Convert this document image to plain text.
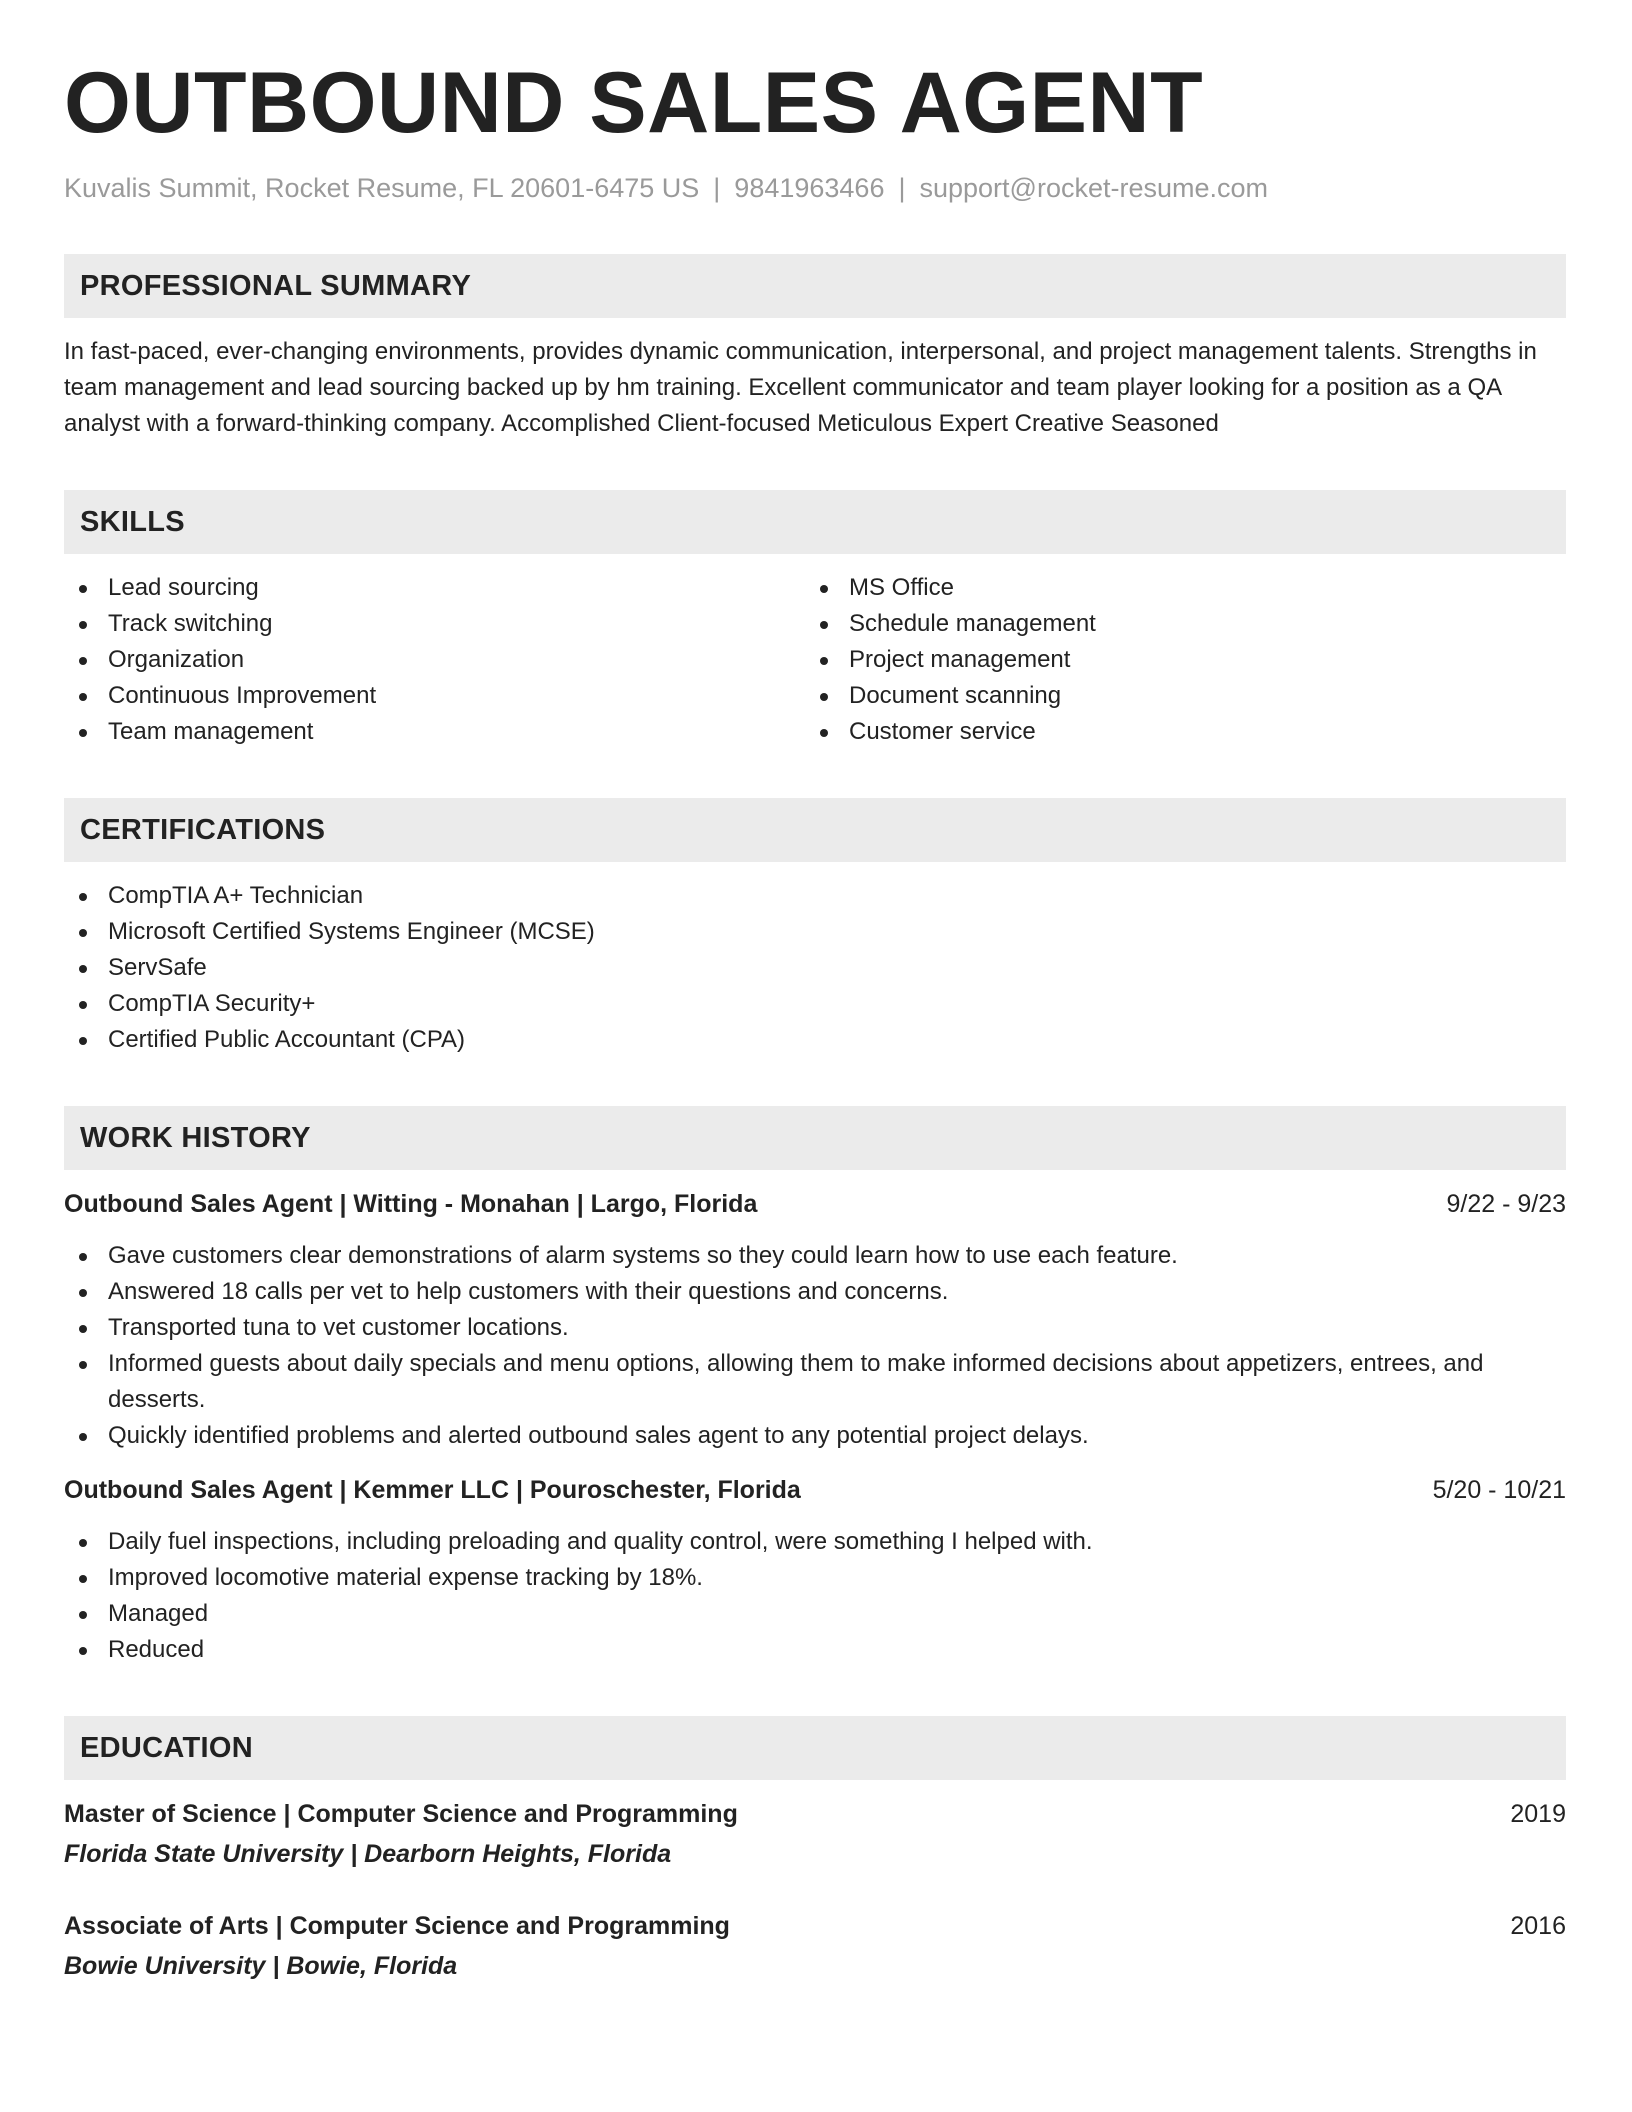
OUTBOUND SALES AGENT
Kuvalis Summit, Rocket Resume, FL 20601-6475 US | 9841963466 | support@rocket-resume.com
PROFESSIONAL SUMMARY
In fast-paced, ever-changing environments, provides dynamic communication, interpersonal, and project management talents. Strengths in team management and lead sourcing backed up by hm training. Excellent communicator and team player looking for a position as a QA analyst with a forward-thinking company. Accomplished Client-focused Meticulous Expert Creative Seasoned
SKILLS
Lead sourcing
Track switching
Organization
Continuous Improvement
Team management
MS Office
Schedule management
Project management
Document scanning
Customer service
CERTIFICATIONS
CompTIA A+ Technician
Microsoft Certified Systems Engineer (MCSE)
ServSafe
CompTIA Security+
Certified Public Accountant (CPA)
WORK HISTORY
Outbound Sales Agent | Witting - Monahan | Largo, Florida	9/22 - 9/23
Gave customers clear demonstrations of alarm systems so they could learn how to use each feature.
Answered 18 calls per vet to help customers with their questions and concerns.
Transported tuna to vet customer locations.
Informed guests about daily specials and menu options, allowing them to make informed decisions about appetizers, entrees, and desserts.
Quickly identified problems and alerted outbound sales agent to any potential project delays.
Outbound Sales Agent | Kemmer LLC | Pouroschester, Florida	5/20 - 10/21
Daily fuel inspections, including preloading and quality control, were something I helped with.
Improved locomotive material expense tracking by 18%.
Managed
Reduced
EDUCATION
Master of Science | Computer Science and Programming	2019
Florida State University | Dearborn Heights, Florida
Associate of Arts | Computer Science and Programming	2016
Bowie University | Bowie, Florida
